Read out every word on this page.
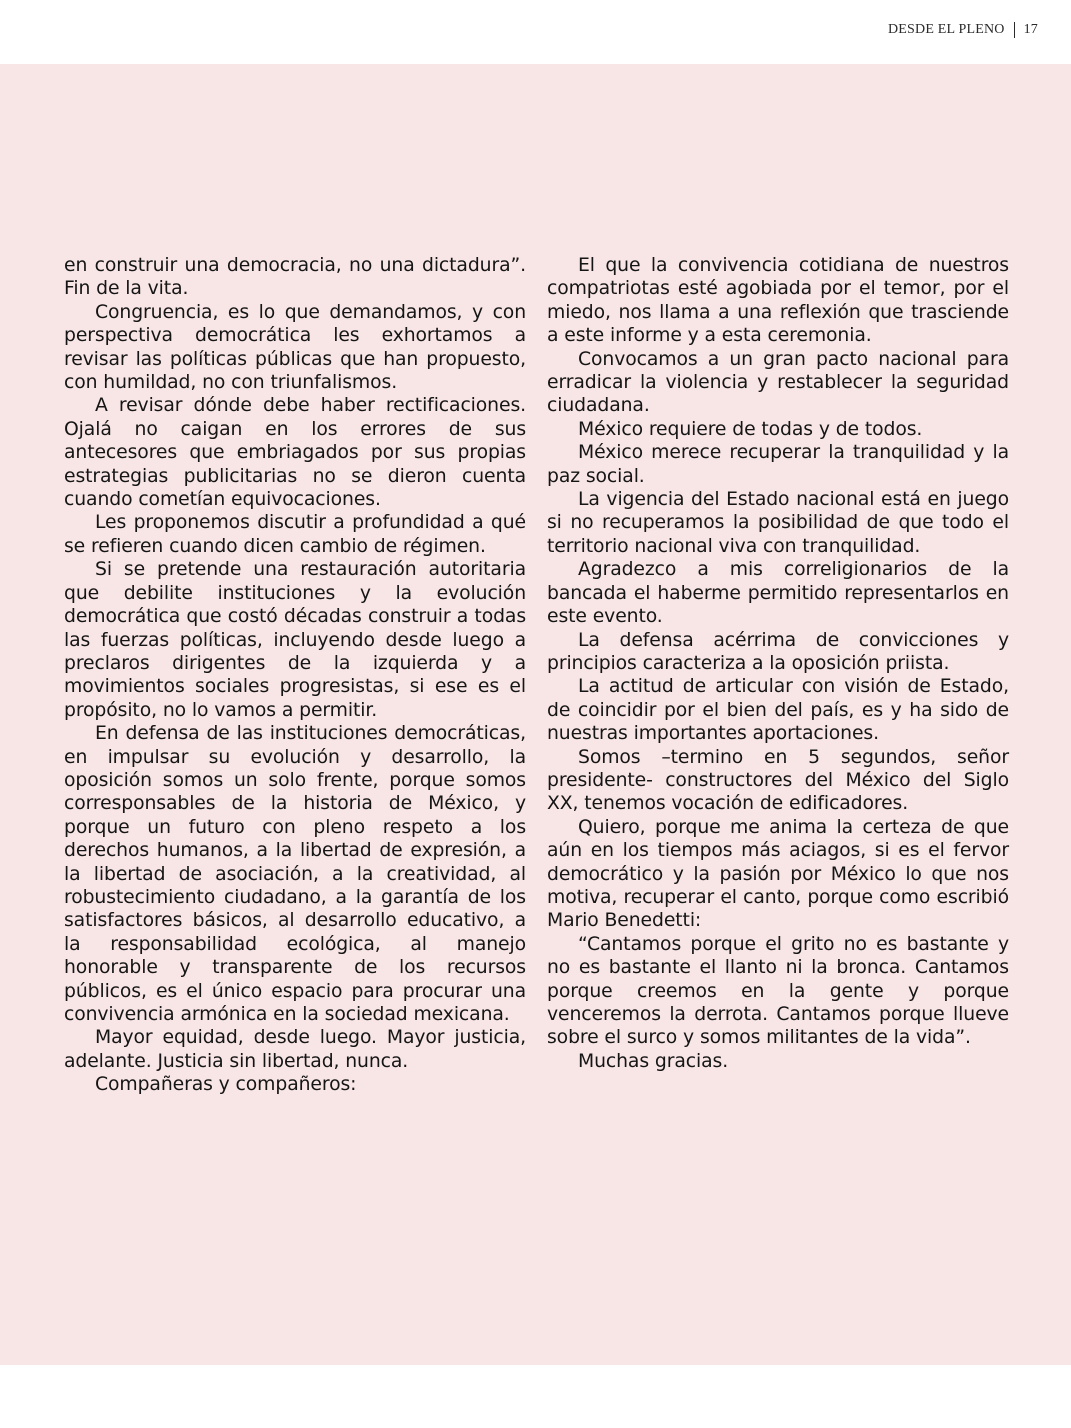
DESDE EL PLENO 17

en construir una democracia, no una dictadura”. Fin de la vita.

Congruencia, es lo que demandamos, y con perspectiva democrática les exhortamos a revisar las políticas públicas que han propuesto, con humildad, no con triunfalismos.

A revisar dónde debe haber rectificaciones. Ojalá no caigan en los errores de sus antecesores que embriagados por sus propias estrategias publicitarias no se dieron cuenta cuando cometían equivocaciones.

Les proponemos discutir a profundidad a qué se refieren cuando dicen cambio de régimen.

Si se pretende una restauración autoritaria que debilite instituciones y la evolución democrática que costó décadas construir a todas las fuerzas políticas, incluyendo desde luego a preclaros dirigentes de la izquierda y a movimientos sociales progresistas, si ese es el propósito, no lo vamos a permitir.

En defensa de las instituciones democráticas, en impulsar su evolución y desarrollo, la oposición somos un solo frente, porque somos corresponsables de la historia de México, y porque un futuro con pleno respeto a los derechos humanos, a la libertad de expresión, a la libertad de asociación, a la creatividad, al robustecimiento ciudadano, a la garantía de los satisfactores básicos, al desarrollo educativo, a la responsabilidad ecológica, al manejo honorable y transparente de los recursos públicos, es el único espacio para procurar una convivencia armónica en la sociedad mexicana.

Mayor equidad, desde luego. Mayor justicia, adelante. Justicia sin libertad, nunca.

Compañeras y compañeros:

El que la convivencia cotidiana de nuestros compatriotas esté agobiada por el temor, por el miedo, nos llama a una reflexión que trasciende a este informe y a esta ceremonia.

Convocamos a un gran pacto nacional para erradicar la violencia y restablecer la seguridad ciudadana.

México requiere de todas y de todos.

México merece recuperar la tranquilidad y la paz social.

La vigencia del Estado nacional está en juego si no recuperamos la posibilidad de que todo el territorio nacional viva con tranquilidad.

Agradezco a mis correligionarios de la bancada el haberme permitido representarlos en este evento.

La defensa acérrima de convicciones y principios caracteriza a la oposición priista.

La actitud de articular con visión de Estado, de coincidir por el bien del país, es y ha sido de nuestras importantes aportaciones.

Somos –termino en 5 segundos, señor presidente- constructores del México del Siglo XX, tenemos vocación de edificadores.

Quiero, porque me anima la certeza de que aún en los tiempos más aciagos, si es el fervor democrático y la pasión por México lo que nos motiva, recuperar el canto, porque como escribió Mario Benedetti:

“Cantamos porque el grito no es bastante y no es bastante el llanto ni la bronca. Cantamos porque creemos en la gente y porque venceremos la derrota. Cantamos porque llueve sobre el surco y somos militantes de la vida”.

Muchas gracias.
